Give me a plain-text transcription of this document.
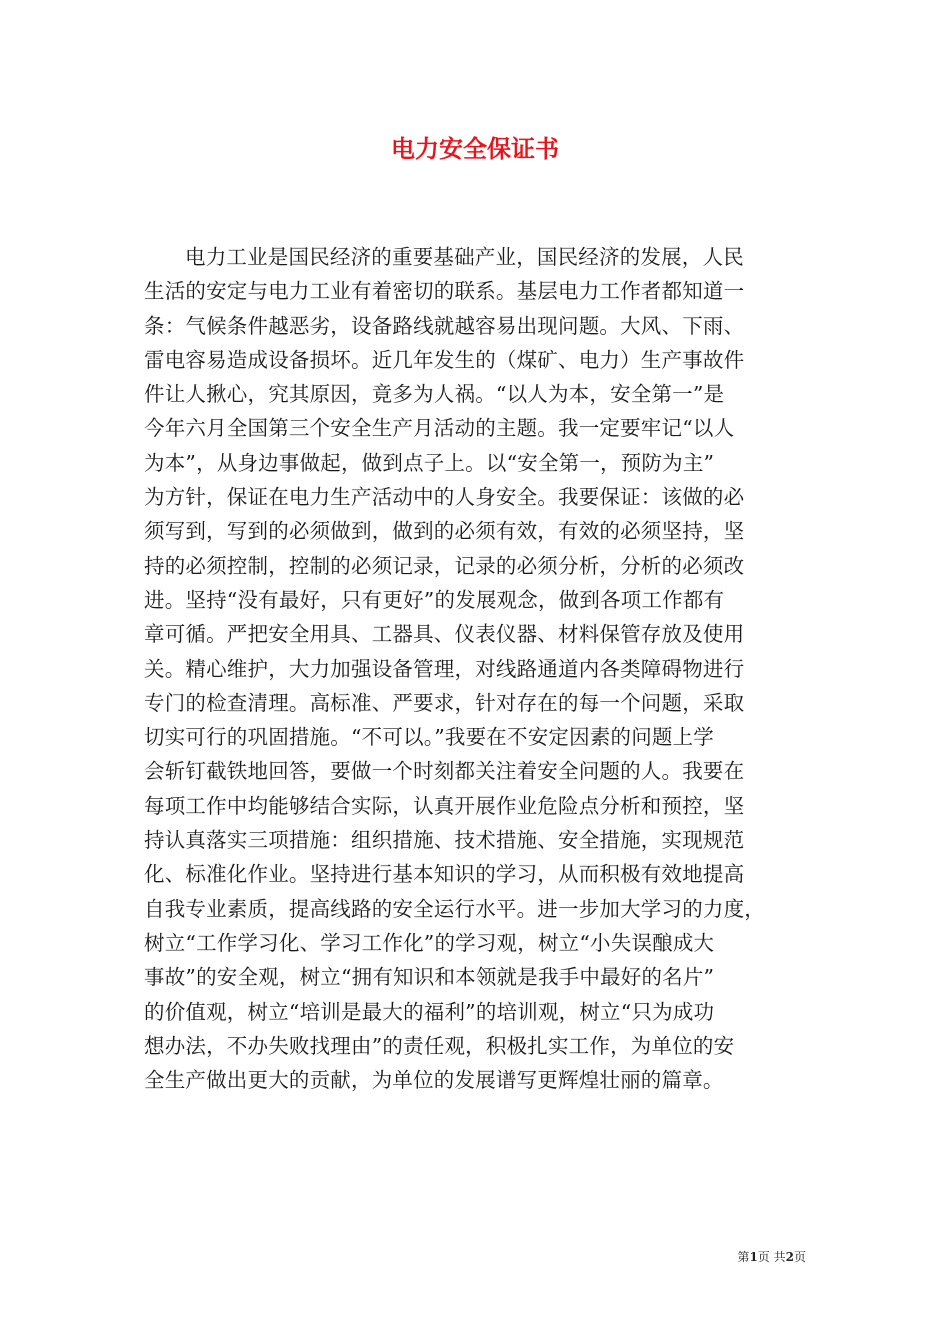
电力安全保证书
电力工业是国民经济的重要基础产业，国民经济的发展，人民
生活的安定与电力工业有着密切的联系。基层电力工作者都知道一
条：气候条件越恶劣，设备路线就越容易出现问题。大风、下雨、
雷电容易造成设备损坏。近几年发生的（煤矿、电力）生产事故件
件让人揪心，究其原因，竟多为人祸。“以人为本，安全第一”是
今年六月全国第三个安全生产月活动的主题。我一定要牢记“以人
为本”，从身边事做起，做到点子上。以“安全第一，预防为主”
为方针，保证在电力生产活动中的人身安全。我要保证：该做的必
须写到，写到的必须做到，做到的必须有效，有效的必须坚持，坚
持的必须控制，控制的必须记录，记录的必须分析，分析的必须改
进。坚持“没有最好，只有更好”的发展观念，做到各项工作都有
章可循。严把安全用具、工器具、仪表仪器、材料保管存放及使用
关。精心维护，大力加强设备管理，对线路通道内各类障碍物进行
专门的检查清理。高标准、严要求，针对存在的每一个问题，采取
切实可行的巩固措施。“不可以。”我要在不安定因素的问题上学
会斩钉截铁地回答，要做一个时刻都关注着安全问题的人。我要在
每项工作中均能够结合实际，认真开展作业危险点分析和预控，坚
持认真落实三项措施：组织措施、技术措施、安全措施，实现规范
化、标准化作业。坚持进行基本知识的学习，从而积极有效地提高
自我专业素质，提高线路的安全运行水平。进一步加大学习的力度，
树立“工作学习化、学习工作化”的学习观，树立“小失误酿成大
事故”的安全观，树立“拥有知识和本领就是我手中最好的名片”
的价值观，树立“培训是最大的福利”的培训观，树立“只为成功
想办法，不办失败找理由”的责任观，积极扎实工作，为单位的安
全生产做出更大的贡献，为单位的发展谱写更辉煌壮丽的篇章。
第1页 共2页
